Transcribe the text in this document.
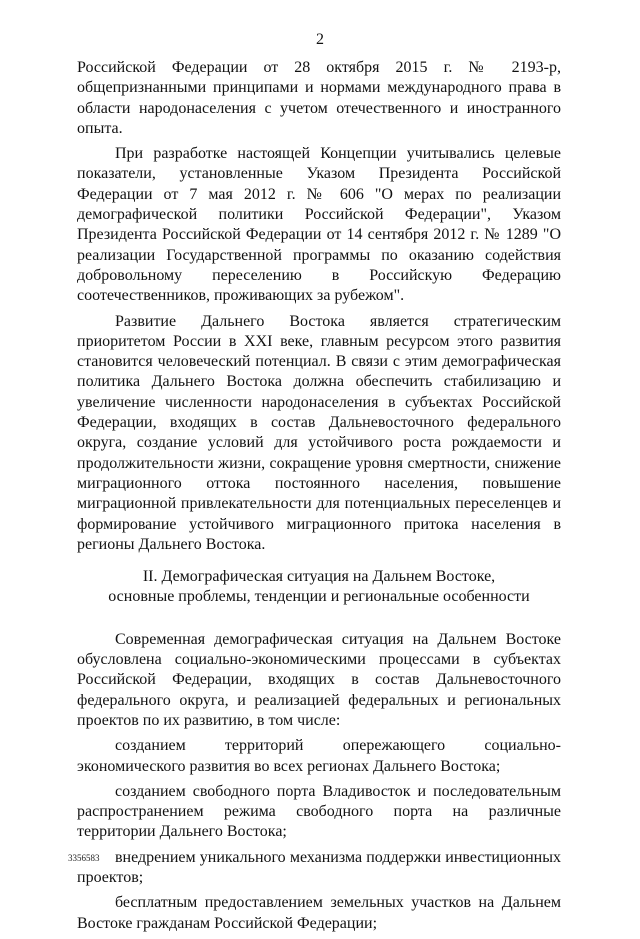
2

Российской Федерации от 28 октября 2015 г. № 2193-р, общепризнанными принципами и нормами международного права в области народонаселения с учетом отечественного и иностранного опыта.

При разработке настоящей Концепции учитывались целевые показатели, установленные Указом Президента Российской Федерации от 7 мая 2012 г. № 606 "О мерах по реализации демографической политики Российской Федерации", Указом Президента Российской Федерации от 14 сентября 2012 г. № 1289 "О реализации Государственной программы по оказанию содействия добровольному переселению в Российскую Федерацию соотечественников, проживающих за рубежом".

Развитие Дальнего Востока является стратегическим приоритетом России в XXI веке, главным ресурсом этого развития становится человеческий потенциал. В связи с этим демографическая политика Дальнего Востока должна обеспечить стабилизацию и увеличение численности народонаселения в субъектах Российской Федерации, входящих в состав Дальневосточного федерального округа, создание условий для устойчивого роста рождаемости и продолжительности жизни, сокращение уровня смертности, снижение миграционного оттока постоянного населения, повышение миграционной привлекательности для потенциальных переселенцев и формирование устойчивого миграционного притока населения в регионы Дальнего Востока.

II. Демографическая ситуация на Дальнем Востоке,
основные проблемы, тенденции и региональные особенности

Современная демографическая ситуация на Дальнем Востоке обусловлена социально-экономическими процессами в субъектах Российской Федерации, входящих в состав Дальневосточного федерального округа, и реализацией федеральных и региональных проектов по их развитию, в том числе:

созданием территорий опережающего социально-экономического развития во всех регионах Дальнего Востока;

созданием свободного порта Владивосток и последовательным распространением режима свободного порта на различные территории Дальнего Востока;

внедрением уникального механизма поддержки инвестиционных проектов;

бесплатным предоставлением земельных участков на Дальнем Востоке гражданам Российской Федерации;

3356583
